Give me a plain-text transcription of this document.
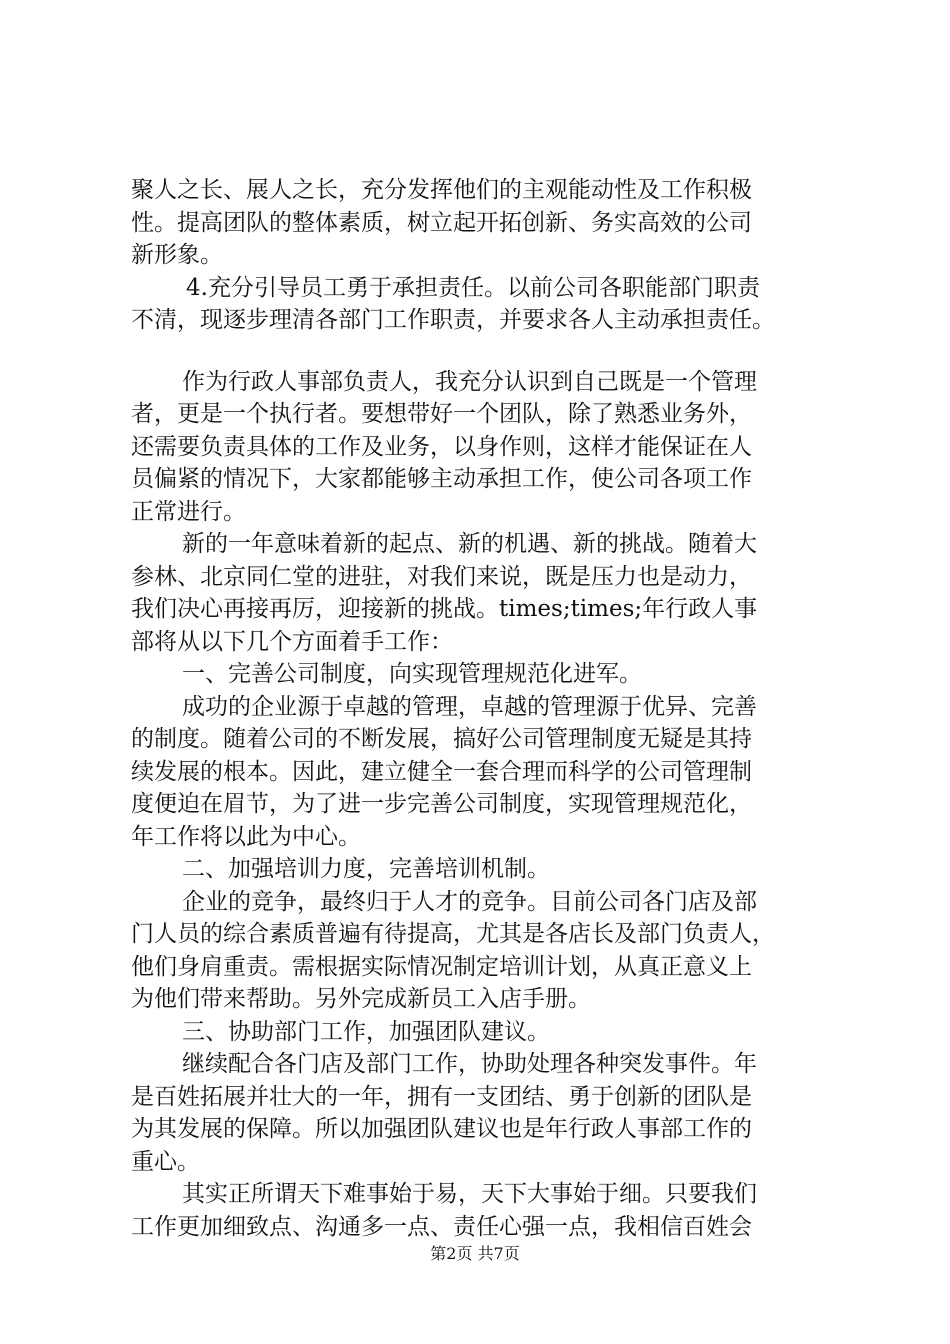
聚人之长、展人之长，充分发挥他们的主观能动性及工作积极
性。提高团队的整体素质，树立起开拓创新、务实高效的公司
新形象。
4.充分引导员工勇于承担责任。以前公司各职能部门职责
不清，现逐步理清各部门工作职责，并要求各人主动承担责任。
作为行政人事部负责人，我充分认识到自己既是一个管理
者，更是一个执行者。要想带好一个团队，除了熟悉业务外，
还需要负责具体的工作及业务，以身作则，这样才能保证在人
员偏紧的情况下，大家都能够主动承担工作，使公司各项工作
正常进行。
新的一年意味着新的起点、新的机遇、新的挑战。随着大
参林、北京同仁堂的进驻，对我们来说，既是压力也是动力，
我们决心再接再厉，迎接新的挑战。times;times;年行政人事
部将从以下几个方面着手工作：
一、完善公司制度，向实现管理规范化进军。
成功的企业源于卓越的管理，卓越的管理源于优异、完善
的制度。随着公司的不断发展，搞好公司管理制度无疑是其持
续发展的根本。因此，建立健全一套合理而科学的公司管理制
度便迫在眉节，为了进一步完善公司制度，实现管理规范化，
年工作将以此为中心。
二、加强培训力度，完善培训机制。
企业的竞争，最终归于人才的竞争。目前公司各门店及部
门人员的综合素质普遍有待提高，尤其是各店长及部门负责人，
他们身肩重责。需根据实际情况制定培训计划，从真正意义上
为他们带来帮助。另外完成新员工入店手册。
三、协助部门工作，加强团队建议。
继续配合各门店及部门工作，协助处理各种突发事件。年
是百姓拓展并壮大的一年，拥有一支团结、勇于创新的团队是
为其发展的保障。所以加强团队建议也是年行政人事部工作的
重心。
其实正所谓天下难事始于易，天下大事始于细。只要我们
工作更加细致点、沟通多一点、责任心强一点，我相信百姓会
第2页 共7页
